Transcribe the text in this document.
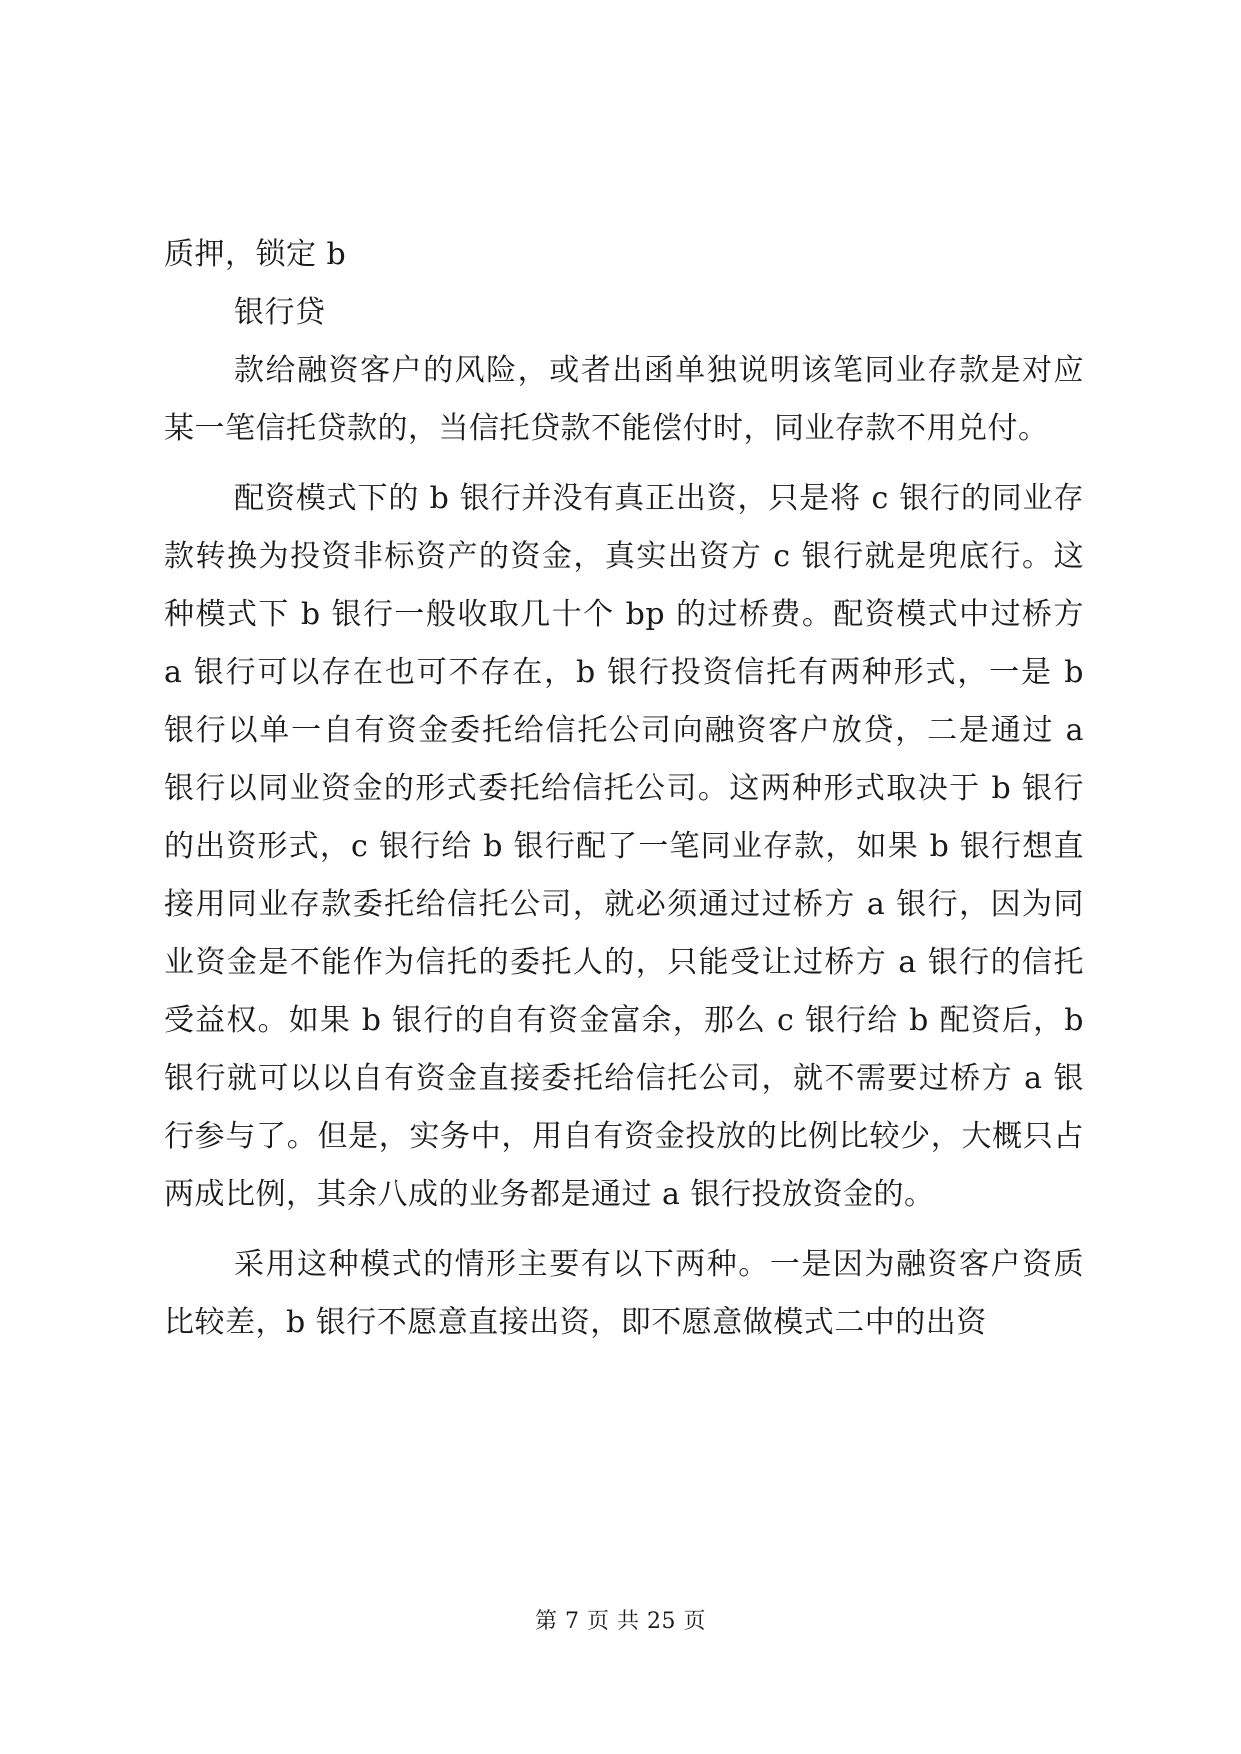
质押，锁定 b

银行贷

款给融资客户的风险，或者出函单独说明该笔同业存款是对应某一笔信托贷款的，当信托贷款不能偿付时，同业存款不用兑付。

配资模式下的 b 银行并没有真正出资，只是将 c 银行的同业存款转换为投资非标资产的资金，真实出资方 c 银行就是兜底行。这种模式下 b 银行一般收取几十个 bp 的过桥费。配资模式中过桥方 a 银行可以存在也可不存在，b 银行投资信托有两种形式，一是 b 银行以单一自有资金委托给信托公司向融资客户放贷，二是通过 a 银行以同业资金的形式委托给信托公司。这两种形式取决于 b 银行的出资形式，c 银行给 b 银行配了一笔同业存款，如果 b 银行想直接用同业存款委托给信托公司，就必须通过过桥方 a 银行，因为同业资金是不能作为信托的委托人的，只能受让过桥方 a 银行的信托受益权。如果 b 银行的自有资金富余，那么 c 银行给 b 配资后，b 银行就可以以自有资金直接委托给信托公司，就不需要过桥方 a 银行参与了。但是，实务中，用自有资金投放的比例比较少，大概只占两成比例，其余八成的业务都是通过 a 银行投放资金的。

采用这种模式的情形主要有以下两种。一是因为融资客户资质比较差，b 银行不愿意直接出资，即不愿意做模式二中的出资

第 7 页 共 25 页
